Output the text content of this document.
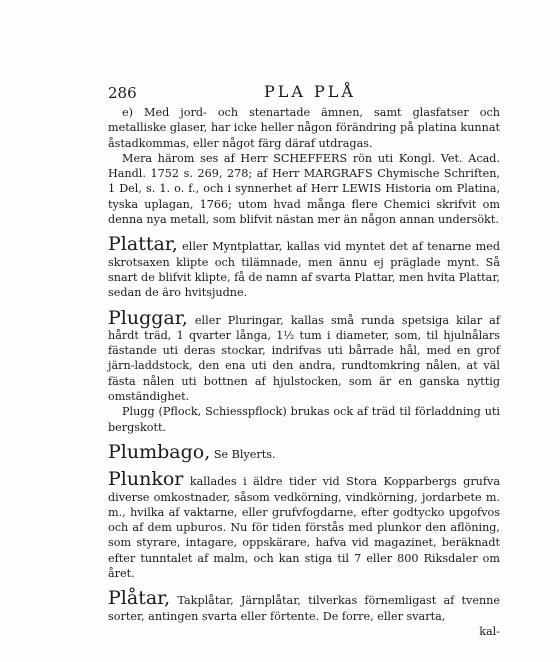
286	PLA PLÅ

e) Med jord- och stenartade ämnen, samt glasfatser och metalliske glaser, har icke heller någon förändring på platina kunnat åstadkommas, eller något färg däraf utdragas.

Mera härom ses af Herr SCHEFFERS rön uti Kongl. Vet. Acad. Handl. 1752 s. 269, 278; af Herr MARGRAFS Chymische Schriften, 1 Del, s. 1. o. f., och i synnerhet af Herr LEWIS Historia om Platina, tyska uplagan, 1766; utom hvad många flere Chemici skrifvit om denna nya metall, som blifvit nästan mer än någon annan undersökt.

Plattar, eller Myntplattar, kallas vid myntet det af tenarne med skrotsaxen klipte och tilämnade, men ännu ej präglade mynt. Så snart de blifvit klipte, få de namn af svarta Plattar, men hvita Plattar, sedan de äro hvitsjudne.

Pluggar, eller Pluringar, kallas små runda spetsiga kilar af hårdt träd, 1 qvarter långa, 1½ tum i diameter, som, til hjulnålars fästande uti deras stockar, indrifvas uti bårrade hål, med en grof järn-laddstock, den ena uti den andra, rundtomkring nålen, at väl fästa nålen uti bottnen af hjulstocken, som är en ganska nyttig omständighet.

Plugg (Pflock, Schiesspflock) brukas ock af träd til förladdning uti bergskott.

Plumbago, Se Blyerts.

Plunkor kallades i äldre tider vid Stora Kopparbergs grufva diverse omkostnader, såsom vedkörning, vindkörning, jordarbete m. m., hvilka af vaktarne, eller grufvfogdarne, efter godtycko upgofvos och af dem upburos. Nu för tiden förstås med plunkor den aflöning, som styrare, intagare, oppskärare, hafva vid magazinet, beräknadt efter tunntalet af malm, och kan stiga til 7 eller 800 Riksdaler om året.

Plåtar, Takplåtar, Järnplåtar, tilverkas förnemligast af tvenne sorter, antingen svarta eller förtente. De forre, eller svarta,

kal-
